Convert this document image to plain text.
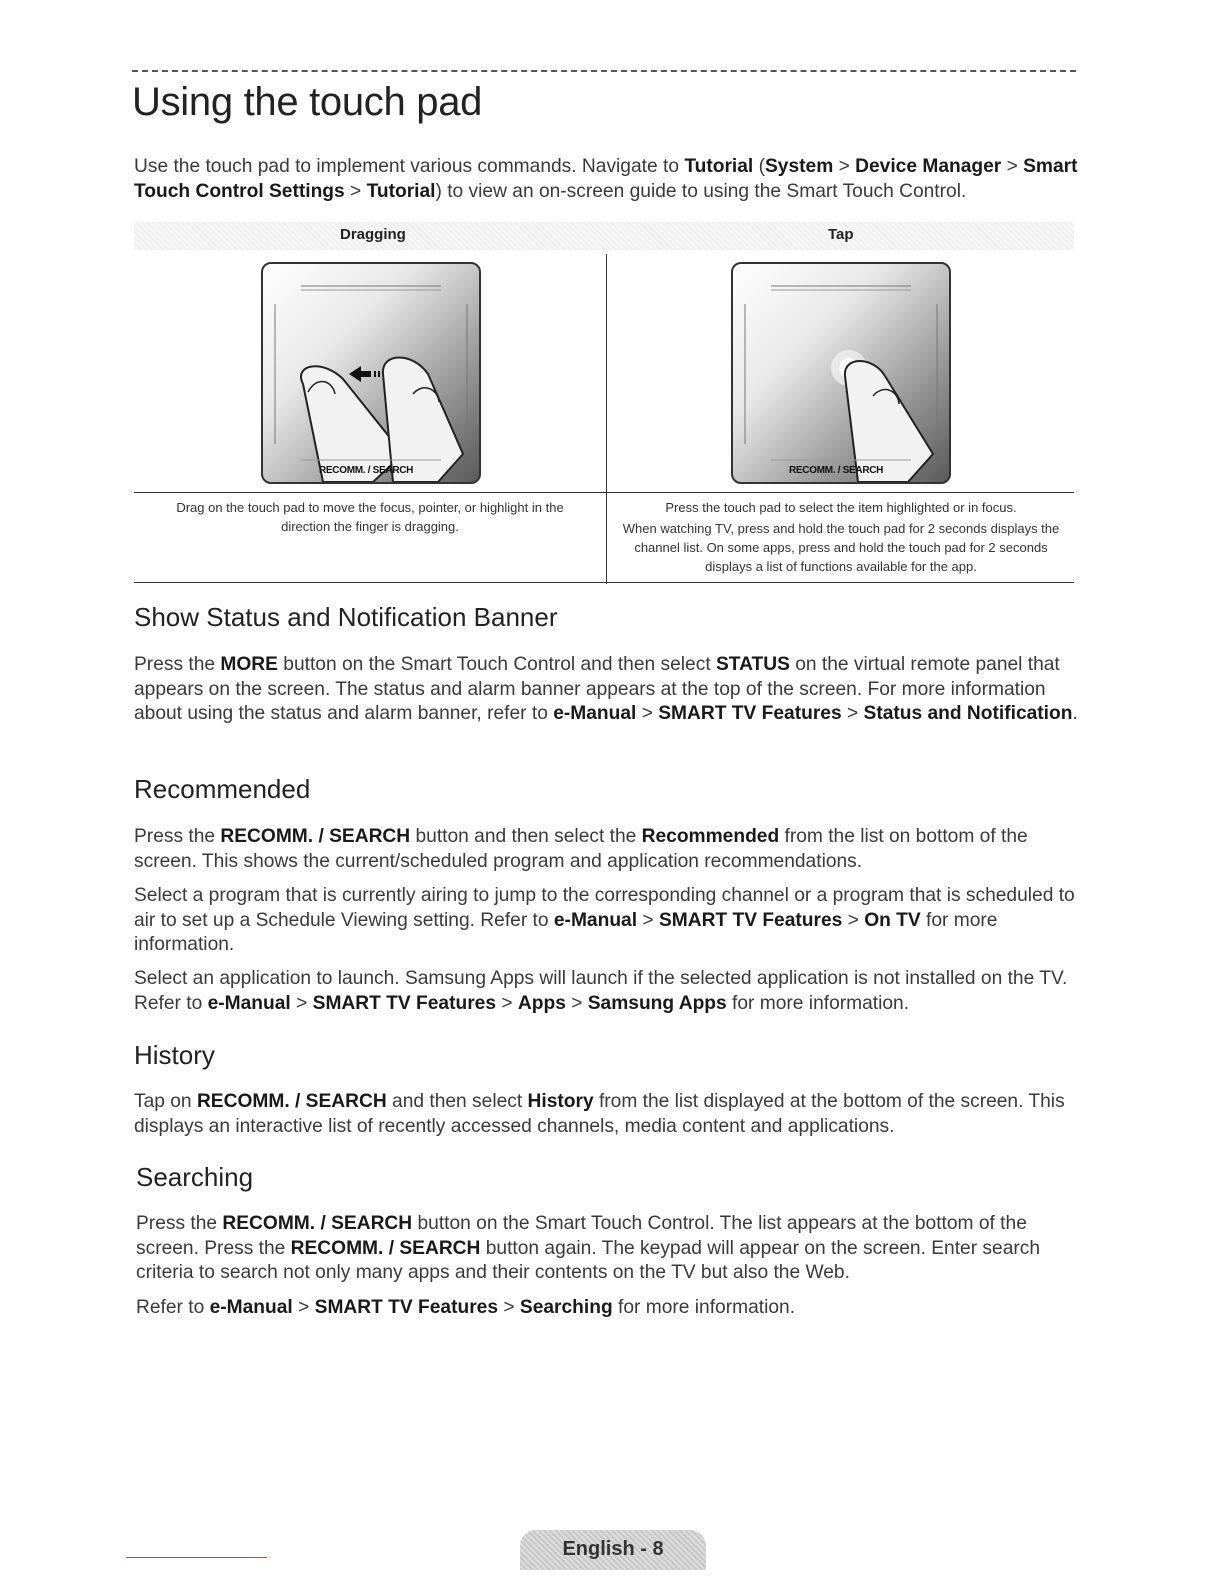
Using the touch pad

Use the touch pad to implement various commands. Navigate to Tutorial (System > Device Manager > Smart Touch Control Settings > Tutorial) to view an on-screen guide to using the Smart Touch Control.

Dragging	Tap
RECOMM. / SEARCH	RECOMM. / SEARCH
Drag on the touch pad to move the focus, pointer, or highlight in the direction the finger is dragging.
Press the touch pad to select the item highlighted or in focus.
When watching TV, press and hold the touch pad for 2 seconds displays the channel list. On some apps, press and hold the touch pad for 2 seconds displays a list of functions available for the app.
Show Status and Notification Banner

Press the MORE button on the Smart Touch Control and then select STATUS on the virtual remote panel that appears on the screen. The status and alarm banner appears at the top of the screen. For more information about using the status and alarm banner, refer to e-Manual > SMART TV Features > Status and Notification.

Recommended

Press the RECOMM. / SEARCH button and then select the Recommended from the list on bottom of the screen. This shows the current/scheduled program and application recommendations.

Select a program that is currently airing to jump to the corresponding channel or a program that is scheduled to air to set up a Schedule Viewing setting. Refer to e-Manual > SMART TV Features > On TV for more information.

Select an application to launch. Samsung Apps will launch if the selected application is not installed on the TV. Refer to e-Manual > SMART TV Features > Apps > Samsung Apps for more information.

History

Tap on RECOMM. / SEARCH and then select History from the list displayed at the bottom of the screen. This displays an interactive list of recently accessed channels, media content and applications.

Searching

Press the RECOMM. / SEARCH button on the Smart Touch Control. The list appears at the bottom of the screen. Press the RECOMM. / SEARCH button again. The keypad will appear on the screen. Enter search criteria to search not only many apps and their contents on the TV but also the Web.

Refer to e-Manual > SMART TV Features > Searching for more information.

English - 8
